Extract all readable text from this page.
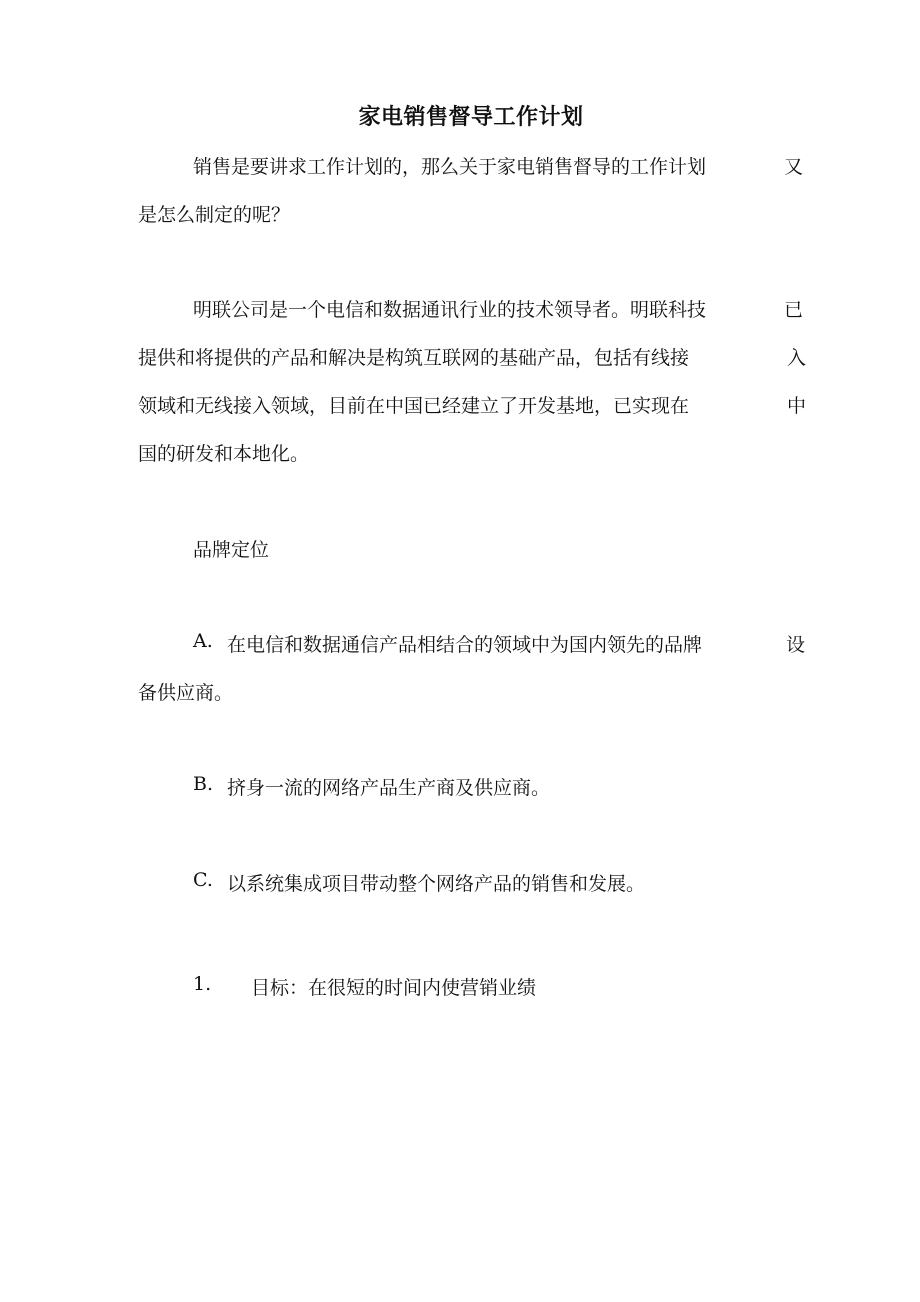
家电销售督导工作计划
销售是要讲求工作计划的，那么关于家电销售督导的工作计划	又
是怎么制定的呢？
明联公司是一个电信和数据通讯行业的技术领导者。明联科技	已
提供和将提供的产品和解决是构筑互联网的基础产品，包括有线接	入
领域和无线接入领域，目前在中国已经建立了开发基地，已实现在	中
国的研发和本地化。
品牌定位
A. 在电信和数据通信产品相结合的领域中为国内领先的品牌	设
备供应商。
B. 挤身一流的网络产品生产商及供应商。
C. 以系统集成项目带动整个网络产品的销售和发展。
1. 目标：在很短的时间内使营销业绩
